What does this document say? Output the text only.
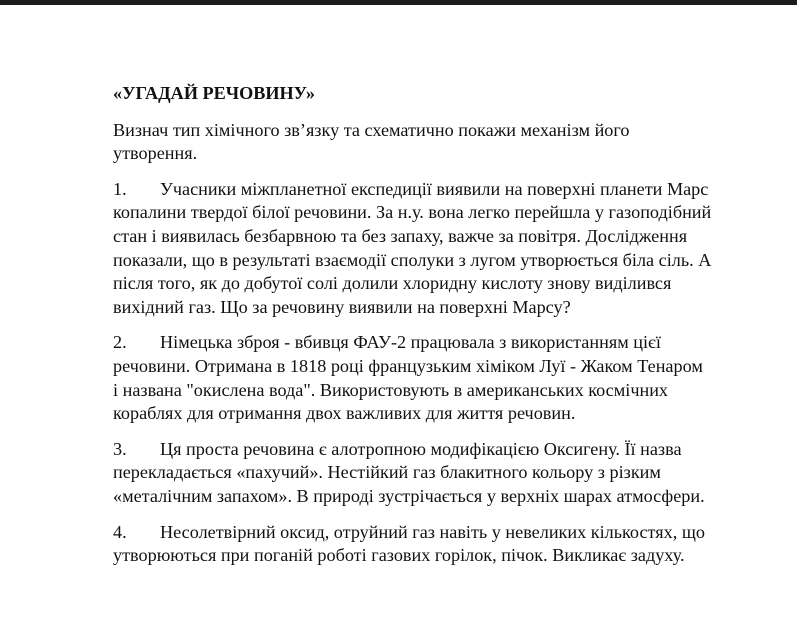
«УГАДАЙ РЕЧОВИНУ»
Визнач тип хімічного зв’язку та схематично покажи механізм його
утворення.
1. Учасники міжпланетної експедиції виявили на поверхні планети Марс
копалини твердої білої речовини. За н.у. вона легко перейшла у газоподібний
стан і виявилась безбарвною та без запаху, важче за повітря. Дослідження
показали, що в результаті взаємодії сполуки з лугом утворюється біла сіль. А
після того, як до добутої солі долили хлоридну кислоту знову виділився
вихідний газ. Що за речовину виявили на поверхні Марсу?
2. Німецька зброя - вбивця ФАУ-2 працювала з використанням цієї
речовини. Отримана в 1818 році французьким хіміком Луї - Жаком Тенаром
і названа "окислена вода". Використовують в американських космічних
кораблях для отримання двох важливих для життя речовин.
3. Ця проста речовина є алотропною модифікацією Оксигену. Її назва
перекладається «пахучий». Нестійкий газ блакитного кольору з різким
«металічним запахом». В природі зустрічається у верхніх шарах атмосфери.
4. Несолетвірний оксид, отруйний газ навіть у невеликих кількостях, що
утворюються при поганій роботі газових горілок, пічок. Викликає задуху.
